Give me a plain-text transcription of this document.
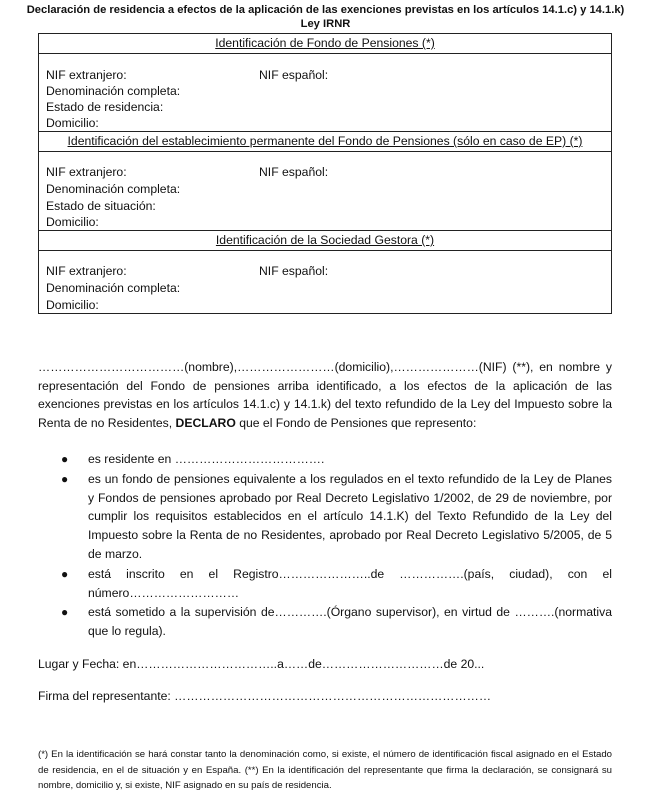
Declaración de residencia a efectos de la aplicación de las exenciones previstas en los artículos 14.1.c) y 14.1.k)
Ley IRNR
Identificación de Fondo de Pensiones (*)
NIF extranjero:	NIF español:
Denominación completa:
Estado de residencia:
Domicilio:
Identificación del establecimiento permanente del Fondo de Pensiones (sólo en caso de EP) (*)
NIF extranjero:	NIF español:
Denominación completa:
Estado de situación:
Domicilio:
Identificación de la Sociedad Gestora (*)
NIF extranjero:	NIF español:
Denominación completa:
Domicilio:
………………………………(nombre),……………………(domicilio),…………………(NIF) (**), en nombre y representación del Fondo de pensiones arriba identificado, a los efectos de la aplicación de las exenciones previstas en los artículos 14.1.c) y 14.1.k) del texto refundido de la Ley del Impuesto sobre la Renta de no Residentes, DECLARO que el Fondo de Pensiones que represento:
● es residente en ……………………………….
● es un fondo de pensiones equivalente a los regulados en el texto refundido de la Ley de Planes y Fondos de pensiones aprobado por Real Decreto Legislativo 1/2002, de 29 de noviembre, por cumplir los requisitos establecidos en el artículo 14.1.K) del Texto Refundido de la Ley del Impuesto sobre la Renta de no Residentes, aprobado por Real Decreto Legislativo 5/2005, de 5 de marzo.
● está inscrito en el Registro…………………..de …………….(país, ciudad), con el
número………………………
● está sometido a la supervisión de………….(Órgano supervisor), en virtud de ……….(normativa que lo regula).
Lugar y Fecha: en……………………………..a……de…………………………de 20...
Firma del representante: ……………………………………………………………………
(*) En la identificación se hará constar tanto la denominación como, si existe, el número de identificación fiscal asignado en el Estado de residencia, en el de situación y en España. (**) En la identificación del representante que firma la declaración, se consignará su nombre, domicilio y, si existe, NIF asignado en su país de residencia.
